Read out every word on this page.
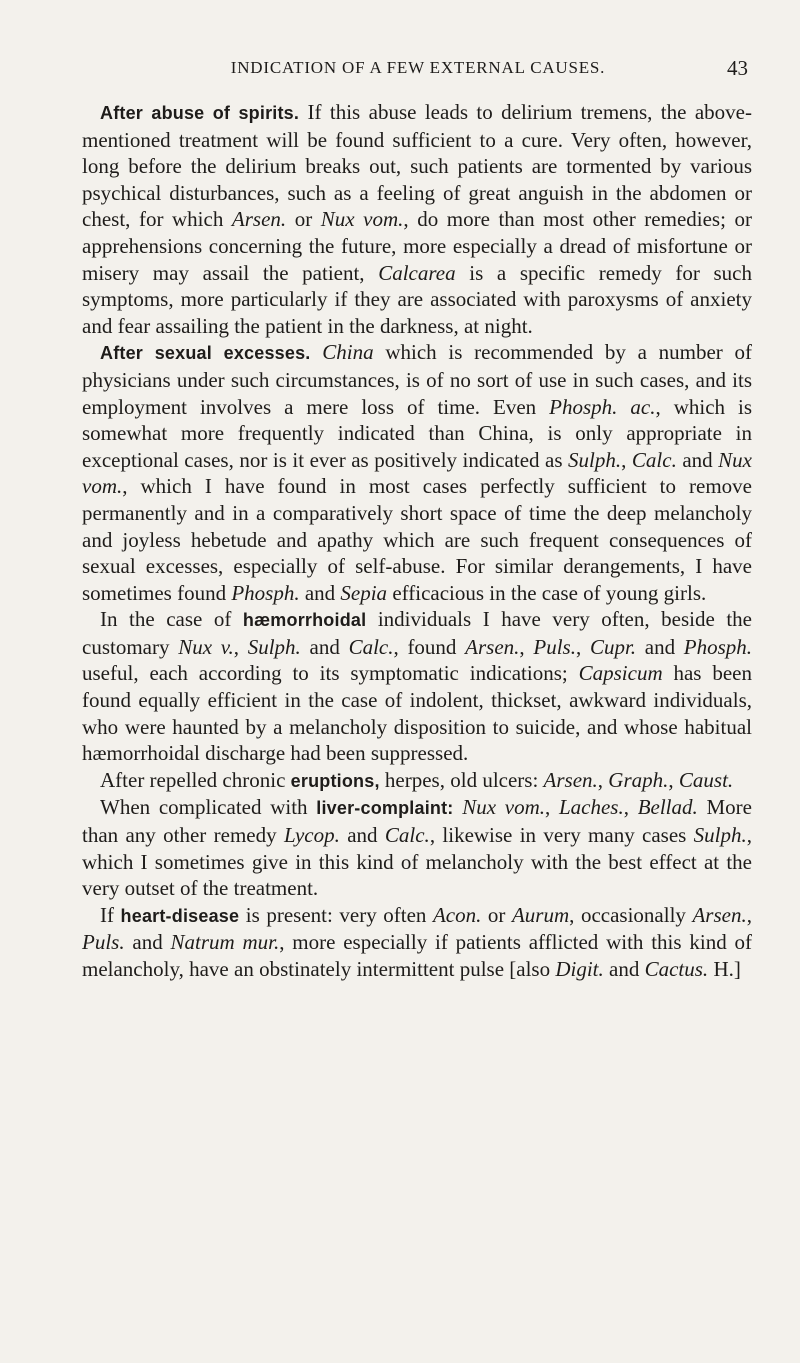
INDICATION OF A FEW EXTERNAL CAUSES.	43

After abuse of spirits. If this abuse leads to delirium tremens, the above-mentioned treatment will be found sufficient to a cure. Very often, however, long before the delirium breaks out, such patients are tormented by various psychical disturbances, such as a feeling of great anguish in the abdomen or chest, for which Arsen. or Nux vom., do more than most other remedies; or apprehensions concerning the future, more especially a dread of misfortune or misery may assail the patient, Calcarea is a specific remedy for such symptoms, more particularly if they are associated with paroxysms of anxiety and fear assailing the patient in the darkness, at night.

After sexual excesses. China which is recommended by a number of physicians under such circumstances, is of no sort of use in such cases, and its employment involves a mere loss of time. Even Phosph. ac., which is somewhat more frequently indicated than China, is only appropriate in exceptional cases, nor is it ever as positively indicated as Sulph., Calc. and Nux vom., which I have found in most cases perfectly sufficient to remove permanently and in a comparatively short space of time the deep melancholy and joyless hebetude and apathy which are such frequent consequences of sexual excesses, especially of self-abuse. For similar derangements, I have sometimes found Phosph. and Sepia efficacious in the case of young girls.

In the case of hæmorrhoidal individuals I have very often, beside the customary Nux v., Sulph. and Calc., found Arsen., Puls., Cupr. and Phosph. useful, each according to its symptomatic indications; Capsicum has been found equally efficient in the case of indolent, thickset, awkward individuals, who were haunted by a melancholy disposition to suicide, and whose habitual hæmorrhoidal discharge had been suppressed.

After repelled chronic eruptions, herpes, old ulcers: Arsen., Graph., Caust.

When complicated with liver-complaint: Nux vom., Laches., Bellad. More than any other remedy Lycop. and Calc., likewise in very many cases Sulph., which I sometimes give in this kind of melancholy with the best effect at the very outset of the treatment.

If heart-disease is present: very often Acon. or Aurum, occasionally Arsen., Puls. and Natrum mur., more especially if patients afflicted with this kind of melancholy, have an obstinately intermittent pulse [also Digit. and Cactus. H.]
